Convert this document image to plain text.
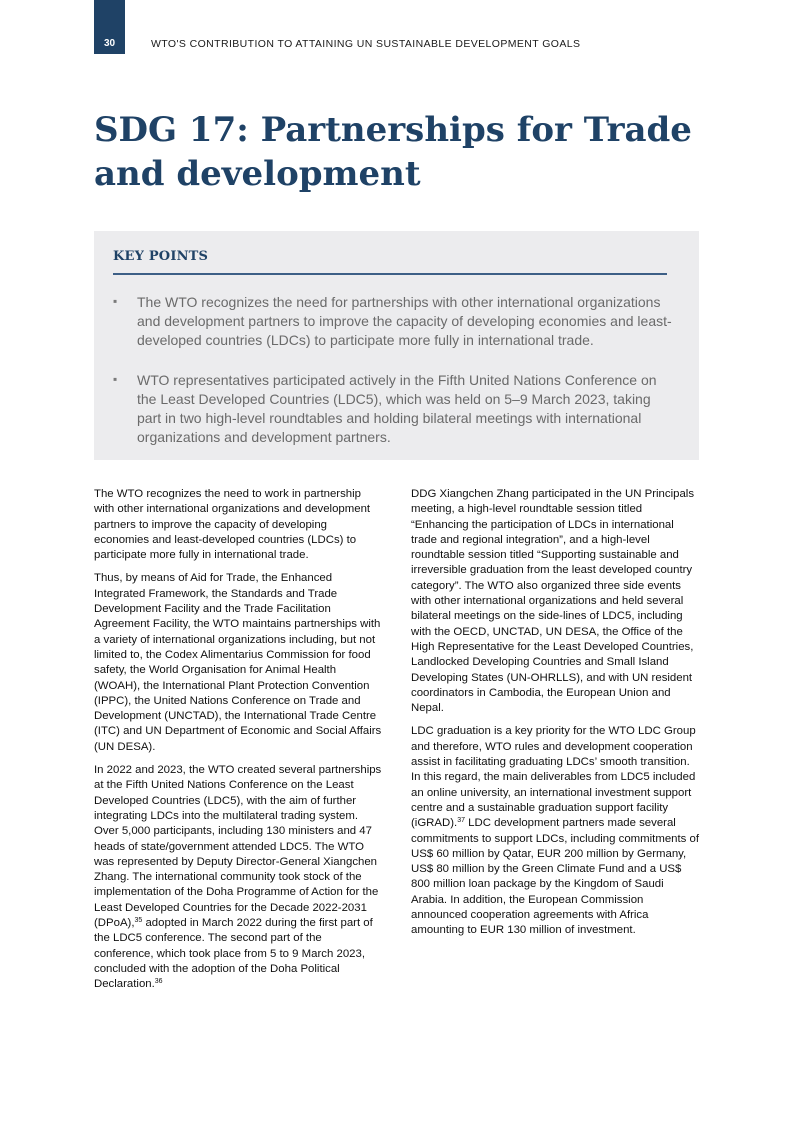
30	WTO'S CONTRIBUTION TO ATTAINING UN SUSTAINABLE DEVELOPMENT GOALS
SDG 17: Partnerships for Trade
and development
KEY POINTS
▪ The WTO recognizes the need for partnerships with other international organizations and development partners to improve the capacity of developing economies and least-developed countries (LDCs) to participate more fully in international trade.
▪ WTO representatives participated actively in the Fifth United Nations Conference on the Least Developed Countries (LDC5), which was held on 5–9 March 2023, taking part in two high-level roundtables and holding bilateral meetings with international organizations and development partners.

The WTO recognizes the need to work in partnership with other international organizations and development partners to improve the capacity of developing economies and least-developed countries (LDCs) to participate more fully in international trade.

Thus, by means of Aid for Trade, the Enhanced Integrated Framework, the Standards and Trade Development Facility and the Trade Facilitation Agreement Facility, the WTO maintains partnerships with a variety of international organizations including, but not limited to, the Codex Alimentarius Commission for food safety, the World Organisation for Animal Health (WOAH), the International Plant Protection Convention (IPPC), the United Nations Conference on Trade and Development (UNCTAD), the International Trade Centre (ITC) and UN Department of Economic and Social Affairs (UN DESA).

In 2022 and 2023, the WTO created several partnerships at the Fifth United Nations Conference on the Least Developed Countries (LDC5), with the aim of further integrating LDCs into the multilateral trading system. Over 5,000 participants, including 130 ministers and 47 heads of state/government attended LDC5. The WTO was represented by Deputy Director-General Xiangchen Zhang. The international community took stock of the implementation of the Doha Programme of Action for the Least Developed Countries for the Decade 2022-2031 (DPoA),$^{35}$ adopted in March 2022 during the first part of the LDC5 conference. The second part of the conference, which took place from 5 to 9 March 2023, concluded with the adoption of the Doha Political Declaration.$^{36}$

DDG Xiangchen Zhang participated in the UN Principals meeting, a high-level roundtable session titled “Enhancing the participation of LDCs in international trade and regional integration”, and a high-level roundtable session titled “Supporting sustainable and irreversible graduation from the least developed country category”. The WTO also organized three side events with other international organizations and held several bilateral meetings on the side-lines of LDC5, including with the OECD, UNCTAD, UN DESA, the Office of the High Representative for the Least Developed Countries, Landlocked Developing Countries and Small Island Developing States (UN-OHRLLS), and with UN resident coordinators in Cambodia, the European Union and Nepal.

LDC graduation is a key priority for the WTO LDC Group and therefore, WTO rules and development cooperation assist in facilitating graduating LDCs’ smooth transition. In this regard, the main deliverables from LDC5 included an online university, an international investment support centre and a sustainable graduation support facility (iGRAD).$^{37}$ LDC development partners made several commitments to support LDCs, including commitments of US$ 60 million by Qatar, EUR 200 million by Germany, US$ 80 million by the Green Climate Fund and a US$ 800 million loan package by the Kingdom of Saudi Arabia. In addition, the European Commission announced cooperation agreements with Africa amounting to EUR 130 million of investment.
